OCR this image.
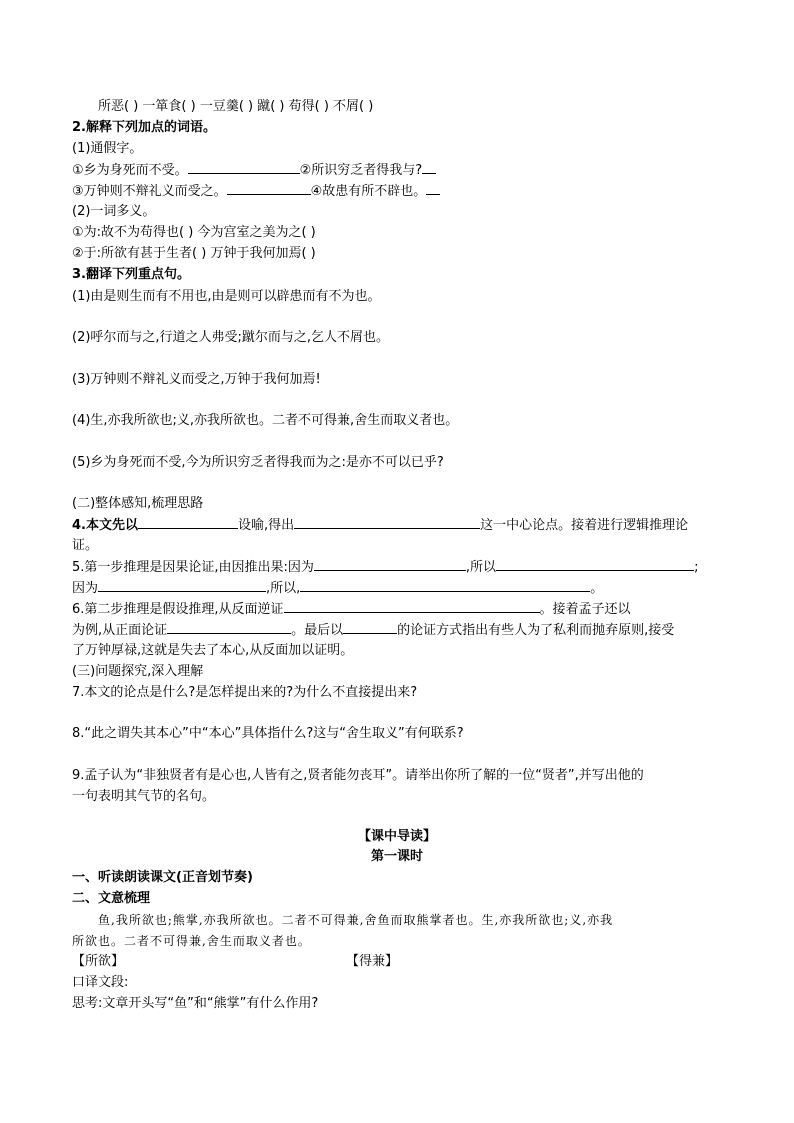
所恶( ) 一箪食( ) 一豆羹( ) 蹴( ) 苟得( ) 不屑( )
2.解释下列加点的词语。
(1)通假字。
①乡为身死而不受。	②所识穷乏者得我与?
③万钟则不辩礼义而受之。	④故患有所不辟也。
(2)一词多义。
①为:故不为苟得也( ) 今为宫室之美为之( )
②于:所欲有甚于生者( ) 万钟于我何加焉( )
3.翻译下列重点句。
(1)由是则生而有不用也,由是则可以辟患而有不为也。
(2)呼尔而与之,行道之人弗受;蹴尔而与之,乞人不屑也。
(3)万钟则不辩礼义而受之,万钟于我何加焉!
(4)生,亦我所欲也;义,亦我所欲也。二者不可得兼,舍生而取义者也。
(5)乡为身死而不受,今为所识穷乏者得我而为之:是亦不可以已乎?
(二)整体感知,梳理思路
4.本文先以	设喻,得出	这一中心论点。接着进行逻辑推理论
证。
5.第一步推理是因果论证,由因推出果:因为	,所以	;
因为	,所以,	。
6.第二步推理是假设推理,从反面逆证	。接着孟子还以
为例,从正面论证	。最后以	的论证方式指出有些人为了私利而抛弃原则,接受
了万钟厚禄,这就是失去了本心,从反面加以证明。
(三)问题探究,深入理解
7.本文的论点是什么?是怎样提出来的?为什么不直接提出来?
8.“此之谓失其本心”中“本心”具体指什么?这与“舍生取义”有何联系?
9.孟子认为“非独贤者有是心也,人皆有之,贤者能勿丧耳”。请举出你所了解的一位“贤者”,并写出他的
一句表明其气节的名句。
【课中导读】
第一课时
一、听读朗读课文(正音划节奏)
二、文意梳理
鱼,我所欲也;熊掌,亦我所欲也。二者不可得兼,舍鱼而取熊掌者也。生,亦我所欲也;义,亦我
所欲也。二者不可得兼,舍生而取义者也。
【所欲】	【得兼】
口译文段:
思考:文章开头写“鱼”和“熊掌”有什么作用?
